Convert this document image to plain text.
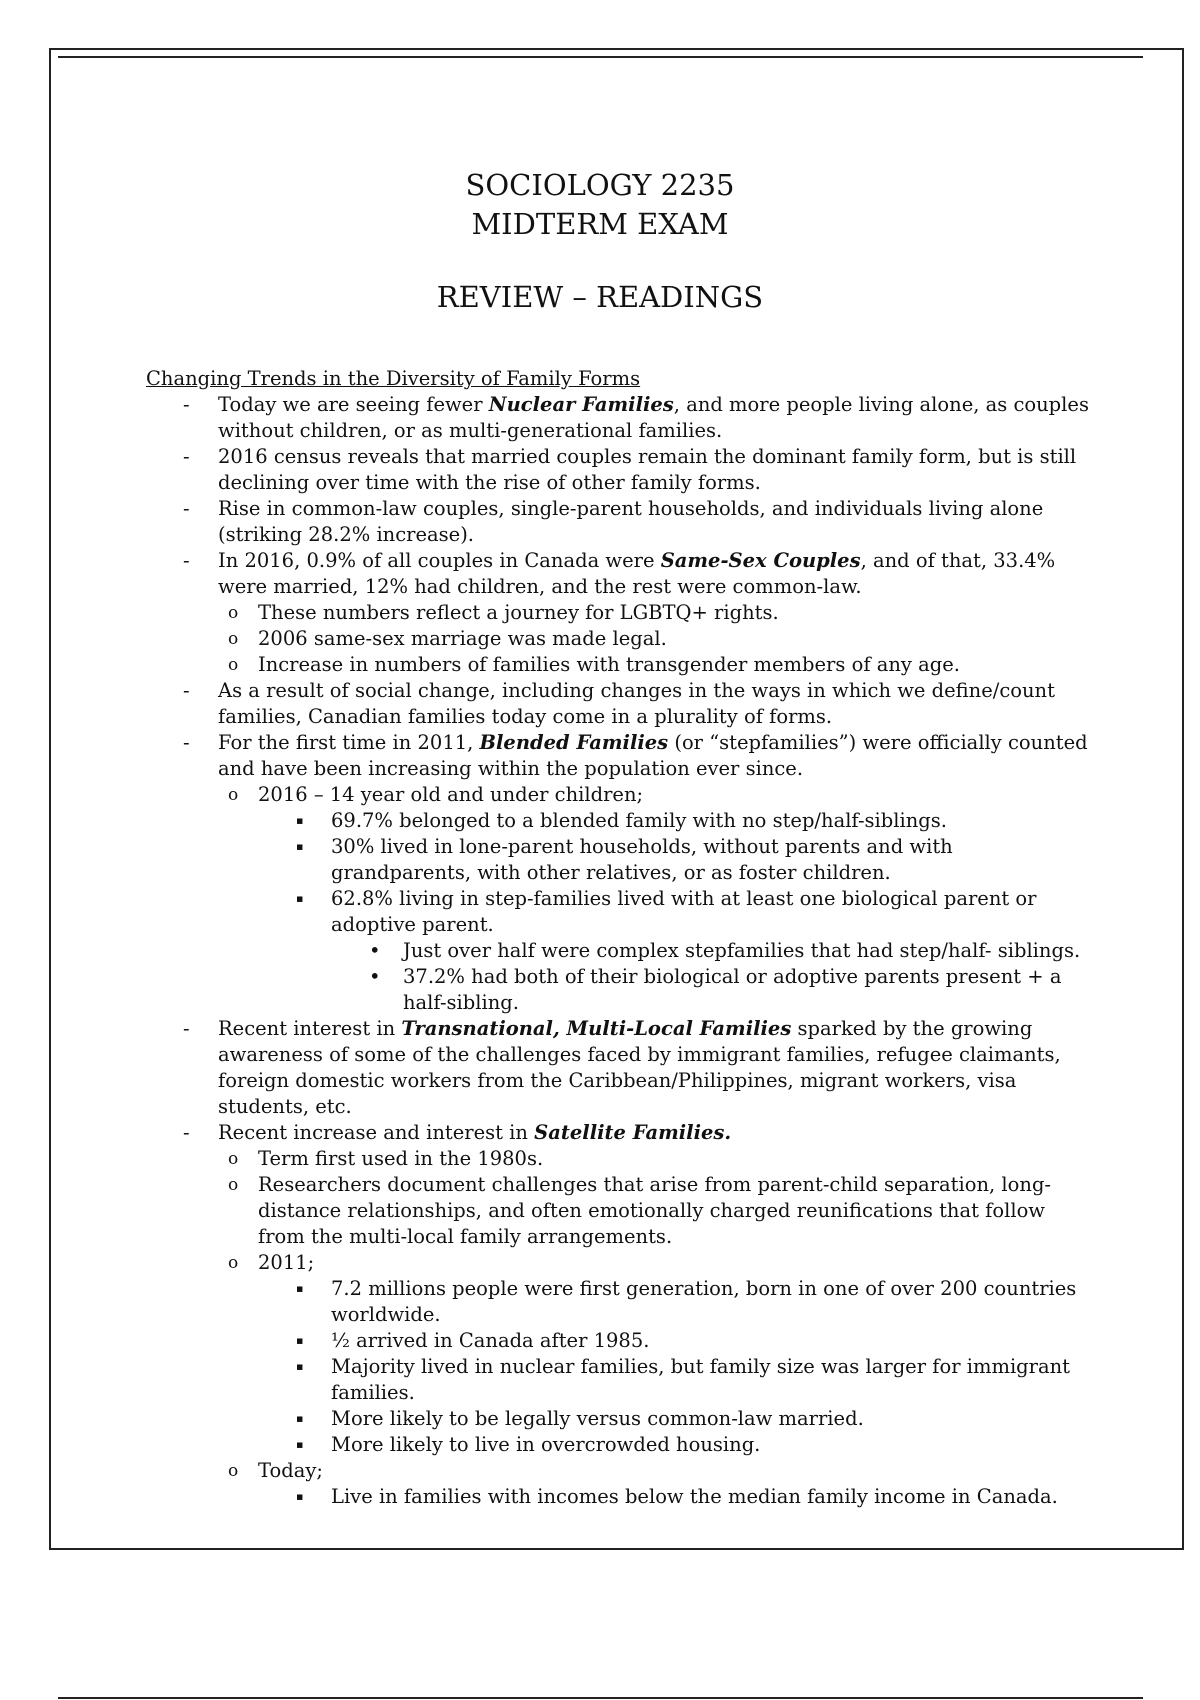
SOCIOLOGY 2235
MIDTERM EXAM
REVIEW – READINGS
Changing Trends in the Diversity of Family Forms
- Today we are seeing fewer Nuclear Families, and more people living alone, as couples without children, or as multi-generational families.
- 2016 census reveals that married couples remain the dominant family form, but is still declining over time with the rise of other family forms.
- Rise in common-law couples, single-parent households, and individuals living alone (striking 28.2% increase).
- In 2016, 0.9% of all couples in Canada were Same-Sex Couples, and of that, 33.4% were married, 12% had children, and the rest were common-law.
o These numbers reflect a journey for LGBTQ+ rights.
o 2006 same-sex marriage was made legal.
o Increase in numbers of families with transgender members of any age.
- As a result of social change, including changes in the ways in which we define/count families, Canadian families today come in a plurality of forms.
- For the first time in 2011, Blended Families (or “stepfamilies”) were officially counted and have been increasing within the population ever since.
o 2016 – 14 year old and under children;
▪ 69.7% belonged to a blended family with no step/half-siblings.
▪ 30% lived in lone-parent households, without parents and with grandparents, with other relatives, or as foster children.
▪ 62.8% living in step-families lived with at least one biological parent or adoptive parent.
• Just over half were complex stepfamilies that had step/half- siblings.
• 37.2% had both of their biological or adoptive parents present + a half-sibling.
- Recent interest in Transnational, Multi-Local Families sparked by the growing awareness of some of the challenges faced by immigrant families, refugee claimants, foreign domestic workers from the Caribbean/Philippines, migrant workers, visa students, etc.
- Recent increase and interest in Satellite Families.
o Term first used in the 1980s.
o Researchers document challenges that arise from parent-child separation, long-distance relationships, and often emotionally charged reunifications that follow from the multi-local family arrangements.
o 2011;
▪ 7.2 millions people were first generation, born in one of over 200 countries worldwide.
▪ ½ arrived in Canada after 1985.
▪ Majority lived in nuclear families, but family size was larger for immigrant families.
▪ More likely to be legally versus common-law married.
▪ More likely to live in overcrowded housing.
o Today;
▪ Live in families with incomes below the median family income in Canada.
